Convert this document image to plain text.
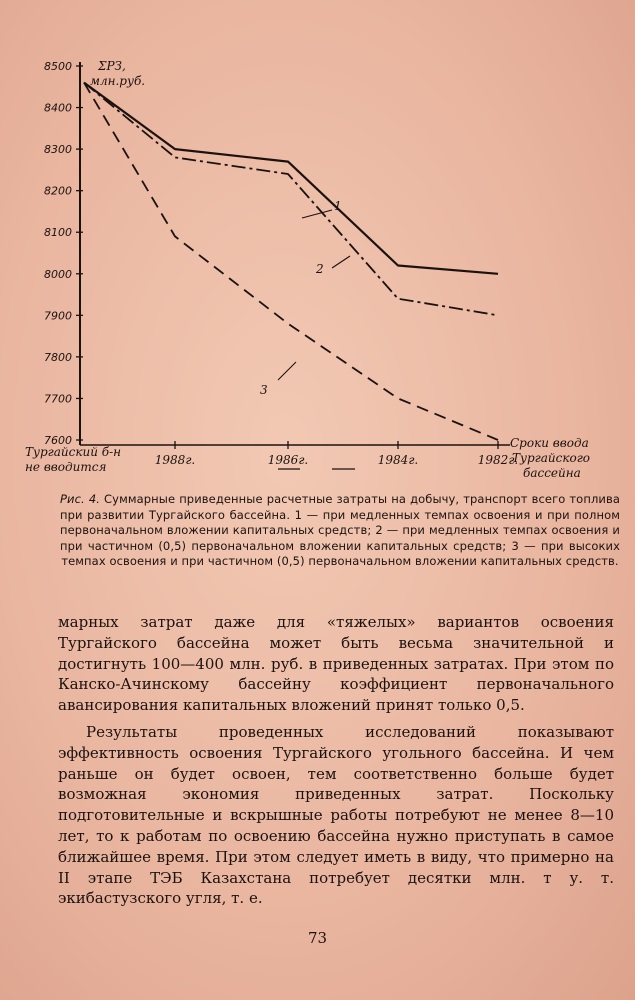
ΣРЗ,
млн.руб.
8500
8400
8300
8200
8100
8000
7900
7800
7700
7600
Тургайский б-н
не вводится	1988г.	1986г.	1984г.	1982г.
Сроки ввода
Тургайского
бассейна
1
2
3
Рис. 4. Суммарные приведенные расчетные затраты на добычу, транспорт всего топлива при развитии Тургайского бассейна. 1 — при медленных темпах освоения и при полном первоначальном вложении капитальных средств; 2 — при медленных темпах освоения и при частичном (0,5) первоначальном вложении капитальных средств; 3 — при высоких темпах освоения и при частичном (0,5) первоначальном вложении капитальных средств.

марных затрат даже для «тяжелых» вариантов освоения Тургайского бассейна может быть весьма значительной и достигнуть 100—400 млн. руб. в приведенных затратах. При этом по Канско-Ачинскому бассейну коэффициент первоначального авансирования капитальных вложений принят только 0,5.

Результаты проведенных исследований показывают эффективность освоения Тургайского угольного бассейна. И чем раньше он будет освоен, тем соответственно больше будет возможная экономия приведенных затрат. Поскольку подготовительные и вскрышные работы потребуют не менее 8—10 лет, то к работам по освоению бассейна нужно приступать в самое ближайшее время. При этом следует иметь в виду, что примерно на II этапе ТЭБ Казахстана потребует десятки млн. т у. т. экибастузского угля, т. е.

73
